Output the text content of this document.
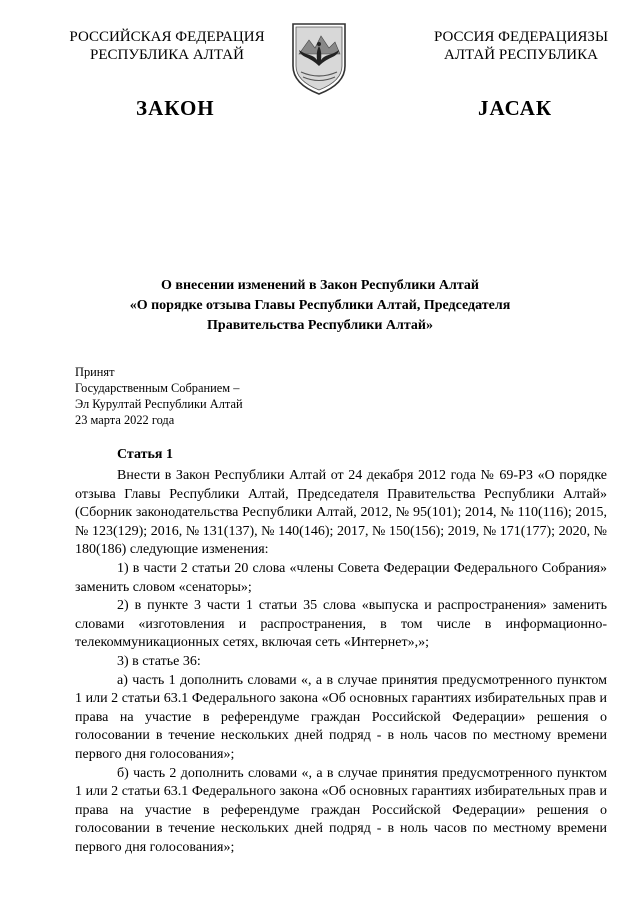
РОССИЙСКАЯ ФЕДЕРАЦИЯ
РЕСПУБЛИКА АЛТАЙ
РОССИЯ ФЕДЕРАЦИЯЗЫ
АЛТАЙ РЕСПУБЛИКА
ЗАКОН	JАСАК
О внесении изменений в Закон Республики Алтай
«О порядке отзыва Главы Республики Алтай, Председателя
Правительства Республики Алтай»
Принят
Государственным Собранием –
Эл Курултай Республики Алтай
23 марта 2022 года
Статья 1

Внести в Закон Республики Алтай от 24 декабря 2012 года № 69-РЗ «О порядке отзыва Главы Республики Алтай, Председателя Правительства Республики Алтай» (Сборник законодательства Республики Алтай, 2012, № 95(101); 2014, № 110(116); 2015, № 123(129); 2016, № 131(137), № 140(146); 2017, № 150(156); 2019, № 171(177); 2020, № 180(186) следующие изменения:

1) в части 2 статьи 20 слова «члены Совета Федерации Федерального Собрания» заменить словом «сенаторы»;

2) в пункте 3 части 1 статьи 35 слова «выпуска и распространения» заменить словами «изготовления и распространения, в том числе в информационно-телекоммуникационных сетях, включая сеть «Интернет»,»;

3) в статье 36:

а) часть 1 дополнить словами «, а в случае принятия предусмотренного пунктом 1 или 2 статьи 63.1 Федерального закона «Об основных гарантиях избирательных прав и права на участие в референдуме граждан Российской Федерации» решения о голосовании в течение нескольких дней подряд - в ноль часов по местному времени первого дня голосования»;

б) часть 2 дополнить словами «, а в случае принятия предусмотренного пунктом 1 или 2 статьи 63.1 Федерального закона «Об основных гарантиях избирательных прав и права на участие в референдуме граждан Российской Федерации» решения о голосовании в течение нескольких дней подряд - в ноль часов по местному времени первого дня голосования»;
